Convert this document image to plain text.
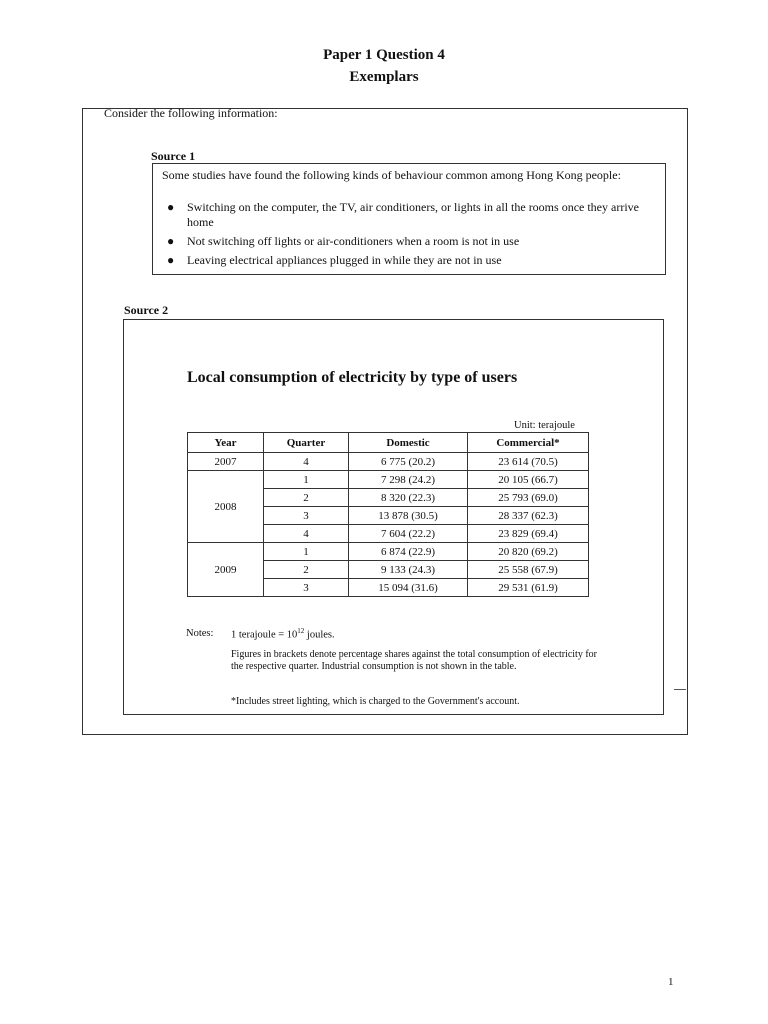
Paper 1 Question 4
Exemplars
Consider the following information:
Source 1
Some studies have found the following kinds of behaviour common among Hong Kong people:
● Switching on the computer, the TV, air conditioners, or lights in all the rooms once they arrive home
● Not switching off lights or air-conditioners when a room is not in use
● Leaving electrical appliances plugged in while they are not in use
Source 2
Local consumption of electricity by type of users
Unit: terajoule
Year	Quarter	Domestic	Commercial*
2007	4	6 775 (20.2)	23 614 (70.5)
2008	1	7 298 (24.2)	20 105 (66.7)
	2	8 320 (22.3)	25 793 (69.0)
	3	13 878 (30.5)	28 337 (62.3)
	4	7 604 (22.2)	23 829 (69.4)
2009	1	6 874 (22.9)	20 820 (69.2)
	2	9 133 (24.3)	25 558 (67.9)
	3	15 094 (31.6)	29 531 (61.9)
Notes: 1 terajoule = $10^{12}$ joules.
Figures in brackets denote percentage shares against the total consumption of electricity for the respective quarter. Industrial consumption is not shown in the table.
*Includes street lighting, which is charged to the Government's account.
1
